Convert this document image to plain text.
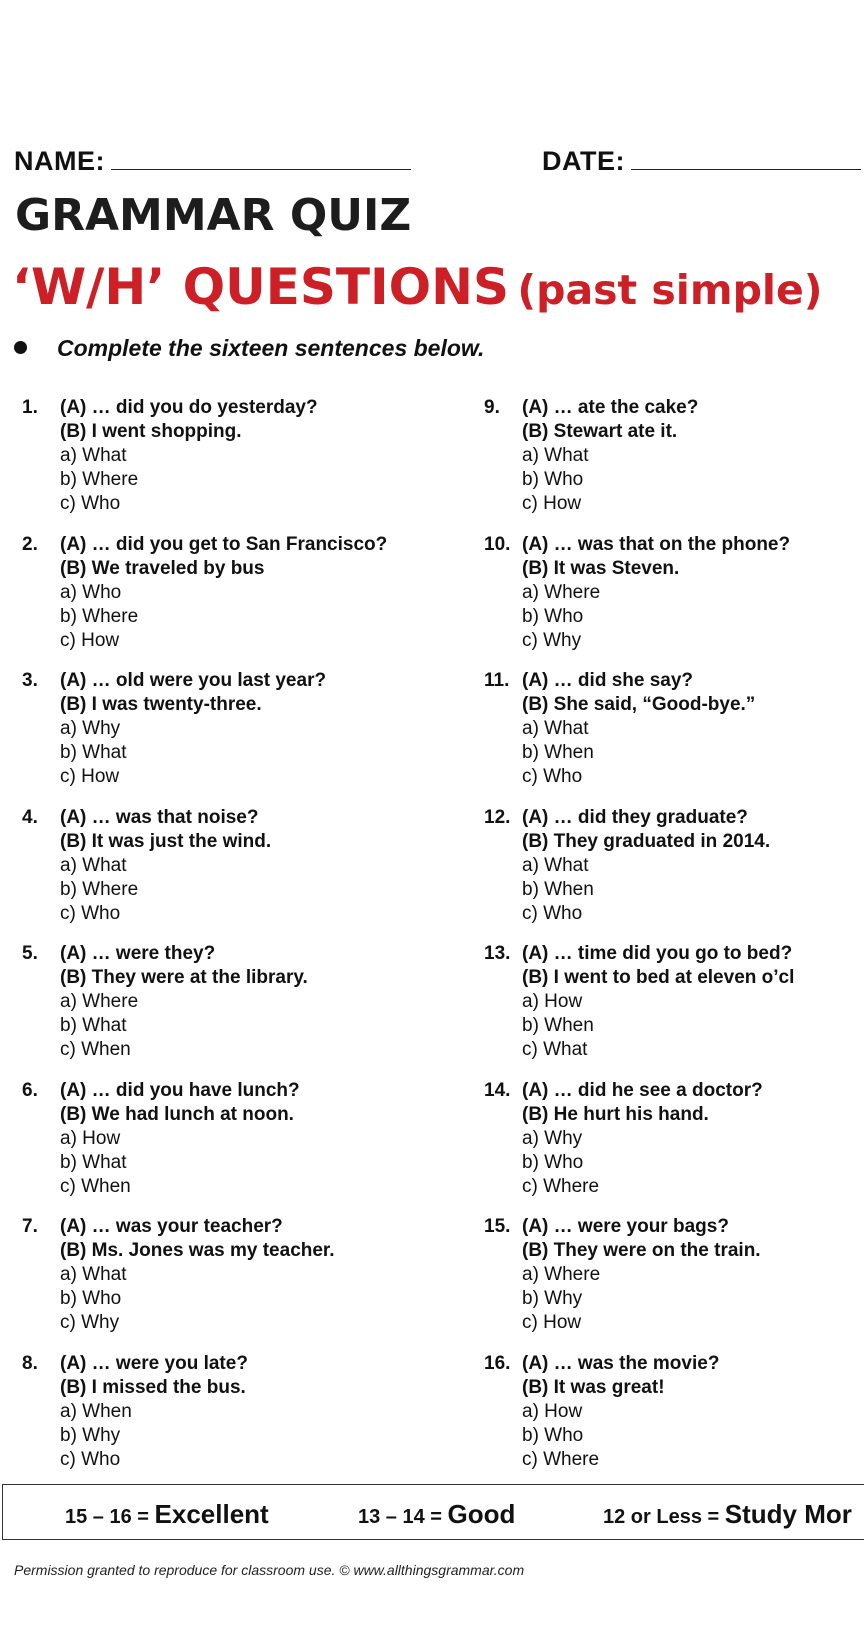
NAME:	DATE:
GRAMMAR QUIZ
‘W/H’ QUESTIONS (past simple)
Complete the sixteen sentences below.
1. (A) … did you do yesterday?
(B) I went shopping.
a) What
b) Where
c) Who
2. (A) … did you get to San Francisco?
(B) We traveled by bus
a) Who
b) Where
c) How
3. (A) … old were you last year?
(B) I was twenty-three.
a) Why
b) What
c) How
4. (A) … was that noise?
(B) It was just the wind.
a) What
b) Where
c) Who
5. (A) … were they?
(B) They were at the library.
a) Where
b) What
c) When
6. (A) … did you have lunch?
(B) We had lunch at noon.
a) How
b) What
c) When
7. (A) … was your teacher?
(B) Ms. Jones was my teacher.
a) What
b) Who
c) Why
8. (A) … were you late?
(B) I missed the bus.
a) When
b) Why
c) Who
9. (A) … ate the cake?
(B) Stewart ate it.
a) What
b) Who
c) How
10. (A) … was that on the phone?
(B) It was Steven.
a) Where
b) Who
c) Why
11. (A) … did she say?
(B) She said, “Good-bye.”
a) What
b) When
c) Who
12. (A) … did they graduate?
(B) They graduated in 2014.
a) What
b) When
c) Who
13. (A) … time did you go to bed?
(B) I went to bed at eleven o’cl
a) How
b) When
c) What
14. (A) … did he see a doctor?
(B) He hurt his hand.
a) Why
b) Who
c) Where
15. (A) … were your bags?
(B) They were on the train.
a) Where
b) Why
c) How
16. (A) … was the movie?
(B) It was great!
a) How
b) Who
c) Where
15 – 16 = Excellent	13 – 14 = Good	12 or Less = Study Mor
Permission granted to reproduce for classroom use. © www.allthingsgrammar.com
